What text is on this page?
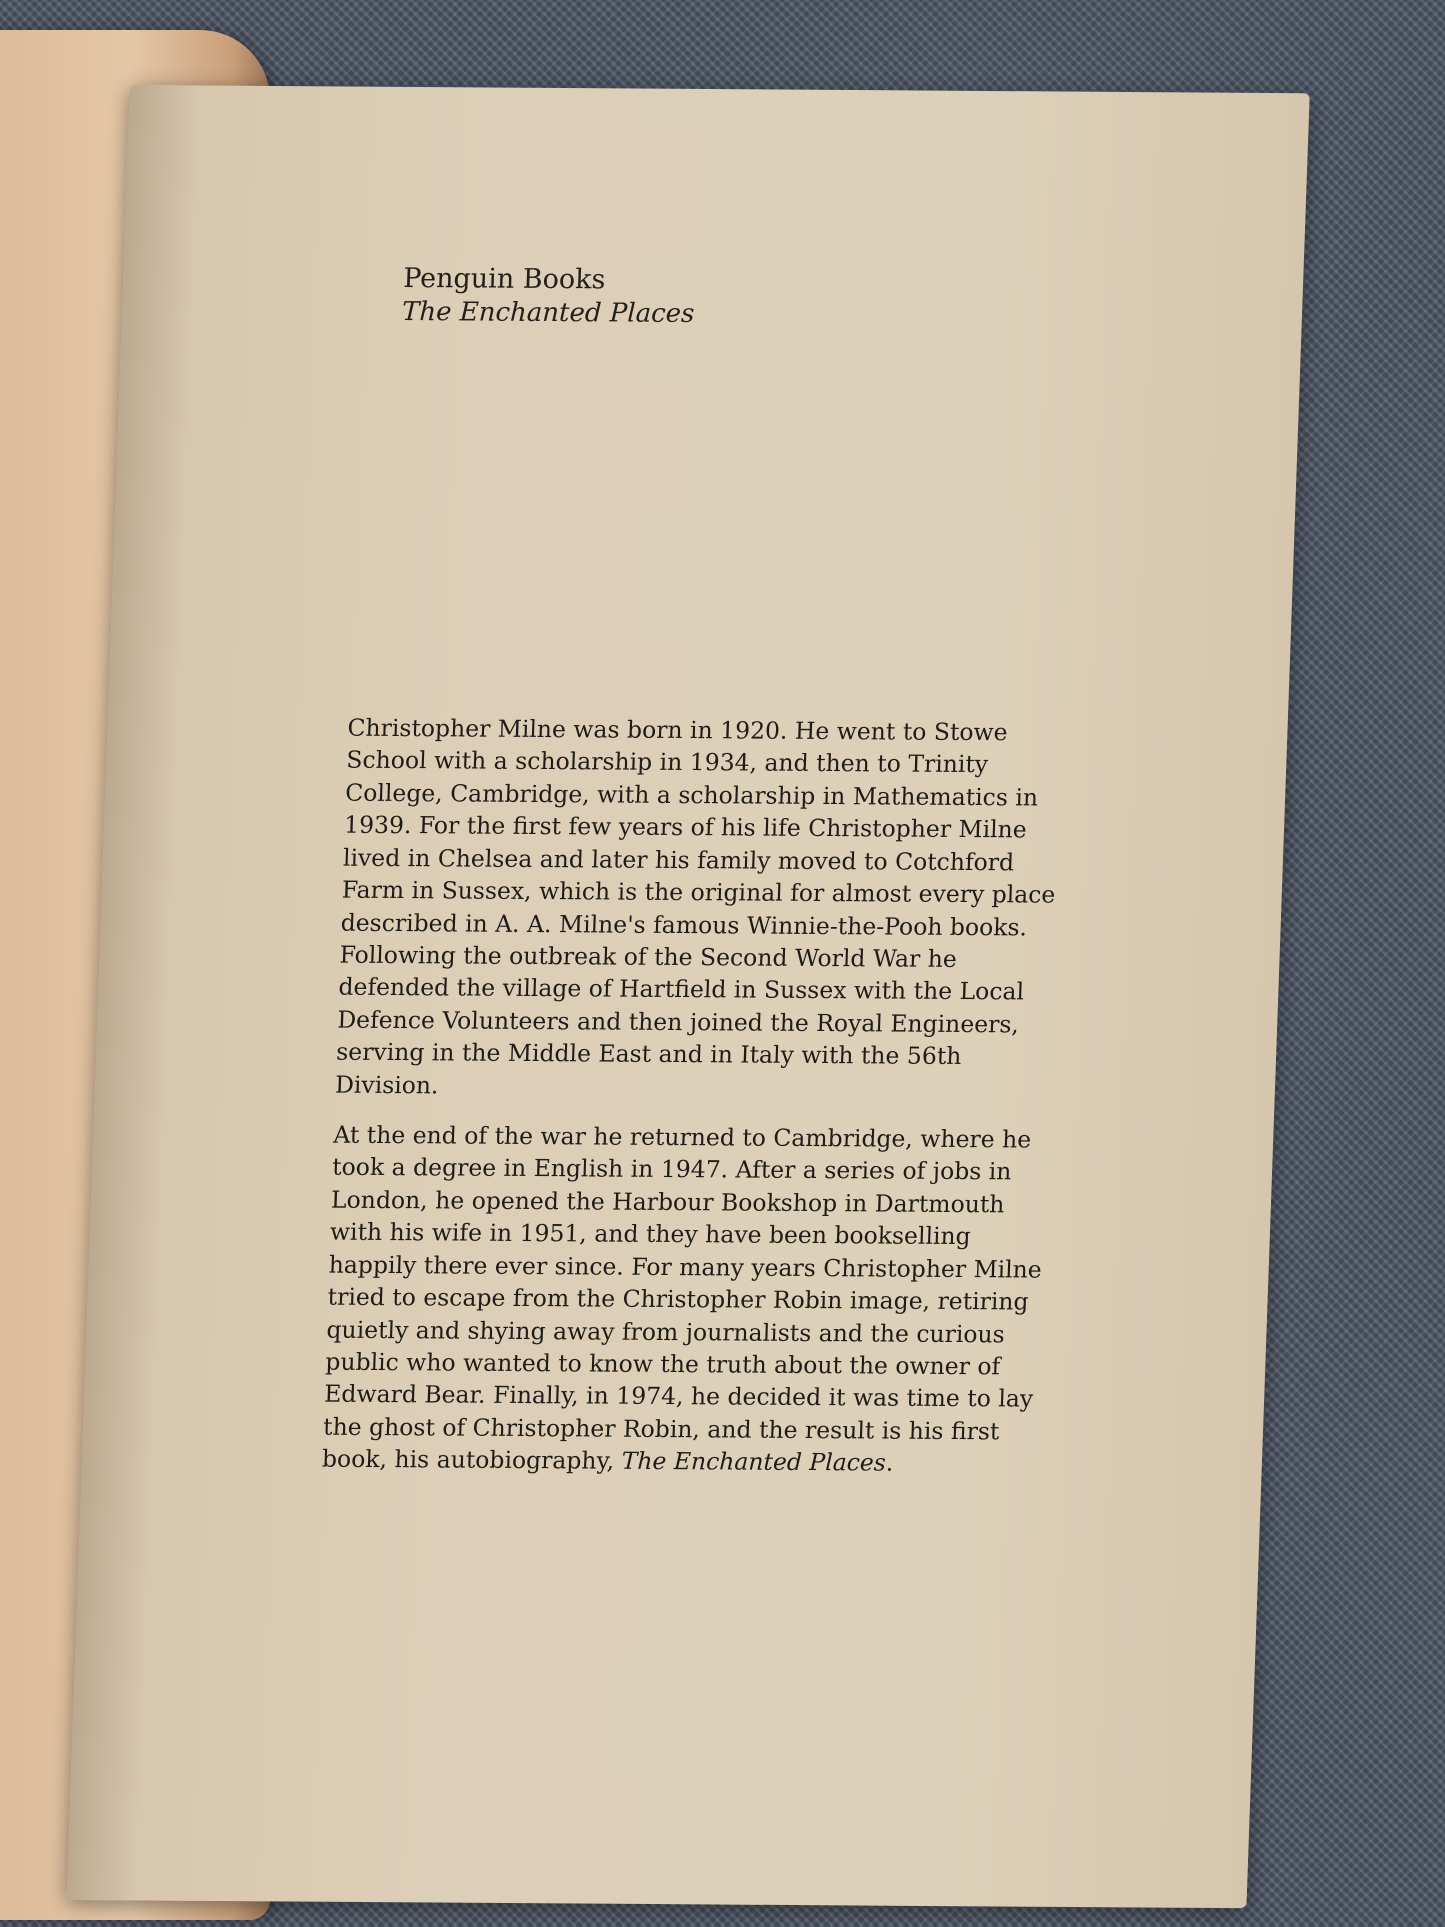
Penguin Books
The Enchanted Places

Christopher Milne was born in 1920. He went to Stowe
School with a scholarship in 1934, and then to Trinity
College, Cambridge, with a scholarship in Mathematics in
1939. For the first few years of his life Christopher Milne
lived in Chelsea and later his family moved to Cotchford
Farm in Sussex, which is the original for almost every place
described in A. A. Milne's famous Winnie-the-Pooh books.
Following the outbreak of the Second World War he
defended the village of Hartfield in Sussex with the Local
Defence Volunteers and then joined the Royal Engineers,
serving in the Middle East and in Italy with the 56th
Division.

At the end of the war he returned to Cambridge, where he
took a degree in English in 1947. After a series of jobs in
London, he opened the Harbour Bookshop in Dartmouth
with his wife in 1951, and they have been bookselling
happily there ever since. For many years Christopher Milne
tried to escape from the Christopher Robin image, retiring
quietly and shying away from journalists and the curious
public who wanted to know the truth about the owner of
Edward Bear. Finally, in 1974, he decided it was time to lay
the ghost of Christopher Robin, and the result is his first
book, his autobiography, The Enchanted Places.
